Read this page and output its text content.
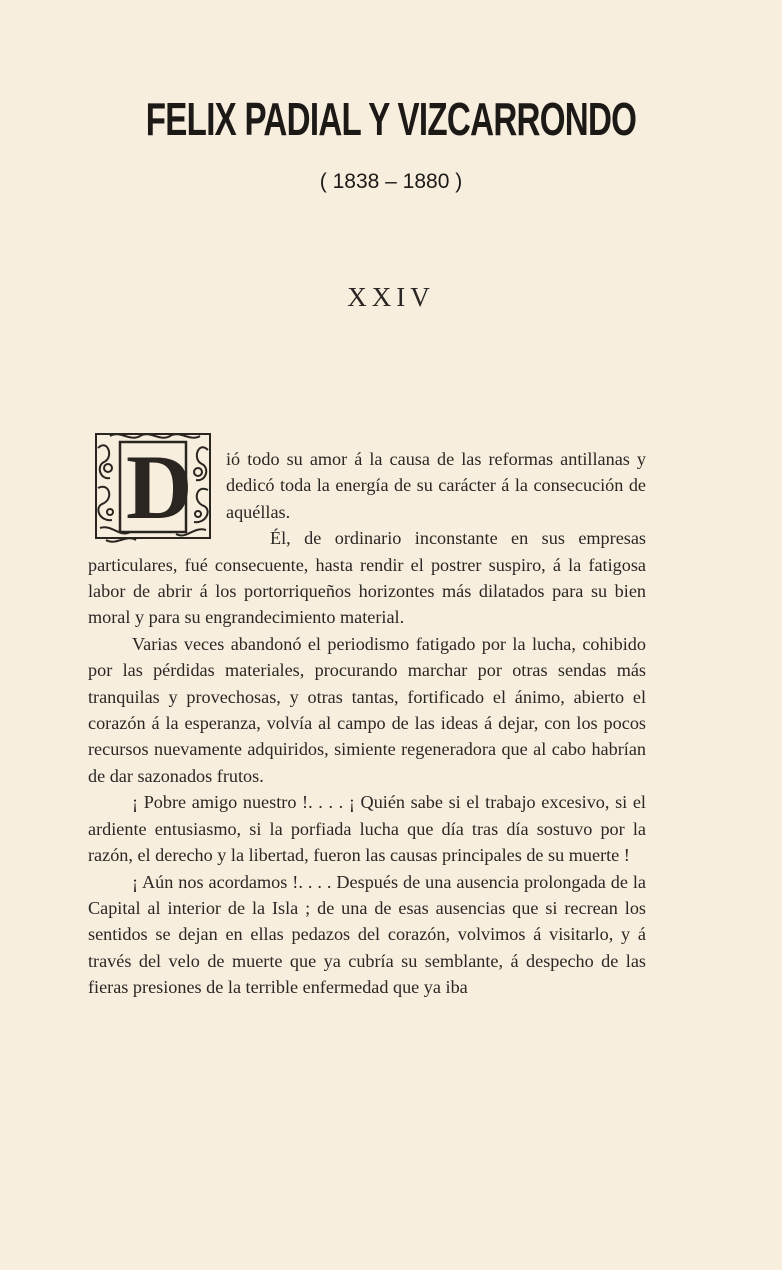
FELIX PADIAL Y VIZCARRONDO
( 1838 – 1880 )
XXIV
D	ió todo su amor á la causa de las reformas antillanas y dedicó toda la energía de su carácter á la consecución de aquéllas.

Él, de ordinario inconstante en sus empresas particulares, fué consecuente, hasta rendir el postrer suspiro, á la fatigosa labor de abrir á los portorriqueños horizontes más dilatados para su bien moral y para su engrandecimiento material.

Varias veces abandonó el periodismo fatigado por la lucha, cohibido por las pérdidas materiales, procurando marchar por otras sendas más tranquilas y provechosas, y otras tantas, fortificado el ánimo, abierto el corazón á la esperanza, volvía al campo de las ideas á dejar, con los pocos recursos nuevamente adquiridos, simiente regeneradora que al cabo habrían de dar sazonados frutos.

¡ Pobre amigo nuestro !. . . . ¡ Quién sabe si el trabajo excesivo, si el ardiente entusiasmo, si la porfiada lucha que día tras día sostuvo por la razón, el derecho y la libertad, fueron las causas principales de su muerte !

¡ Aún nos acordamos !. . . . Después de una ausencia prolongada de la Capital al interior de la Isla ; de una de esas ausencias que si recrean los sentidos se dejan en ellas pedazos del corazón, volvimos á visitarlo, y á través del velo de muerte que ya cubría su semblante, á despecho de las fieras presiones de la terrible enfermedad que ya iba
